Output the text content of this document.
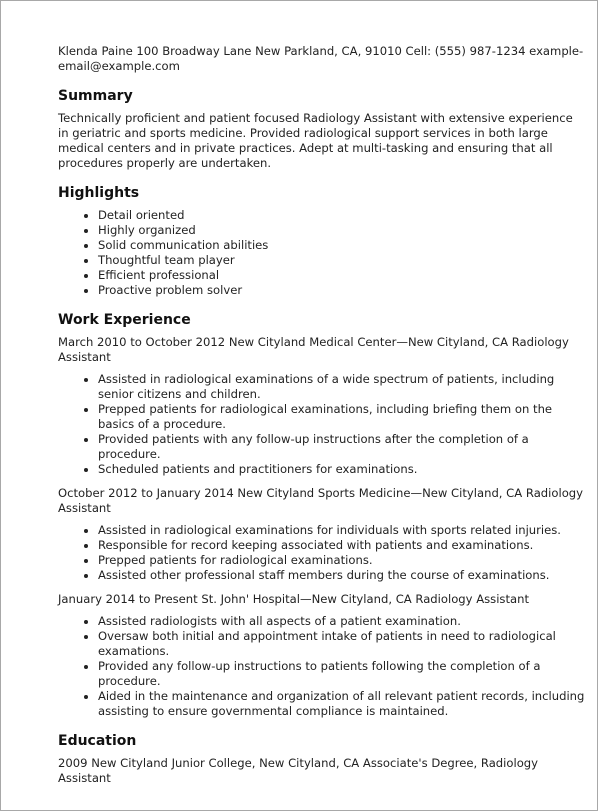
Klenda Paine 100 Broadway Lane New Parkland, CA, 91010 Cell: (555) 987-1234 example-email@example.com

Summary

Technically proficient and patient focused Radiology Assistant with extensive experience in geriatric and sports medicine. Provided radiological support services in both large medical centers and in private practices. Adept at multi-tasking and ensuring that all procedures properly are undertaken.

Highlights
• Detail oriented
• Highly organized
• Solid communication abilities
• Thoughtful team player
• Efficient professional
• Proactive problem solver
Work Experience

March 2010 to October 2012 New Cityland Medical Center—New Cityland, CA Radiology Assistant

• Assisted in radiological examinations of a wide spectrum of patients, including senior citizens and children.
• Prepped patients for radiological examinations, including briefing them on the basics of a procedure.
• Provided patients with any follow-up instructions after the completion of a procedure.
• Scheduled patients and practitioners for examinations.

October 2012 to January 2014 New Cityland Sports Medicine—New Cityland, CA Radiology Assistant

• Assisted in radiological examinations for individuals with sports related injuries.
• Responsible for record keeping associated with patients and examinations.
• Prepped patients for radiological examinations.
• Assisted other professional staff members during the course of examinations.

January 2014 to Present St. John' Hospital—New Cityland, CA Radiology Assistant

• Assisted radiologists with all aspects of a patient examination.
• Oversaw both initial and appointment intake of patients in need to radiological examations.
• Provided any follow-up instructions to patients following the completion of a procedure.
• Aided in the maintenance and organization of all relevant patient records, including assisting to ensure governmental compliance is maintained.
Education

2009 New Cityland Junior College, New Cityland, CA Associate's Degree, Radiology Assistant
